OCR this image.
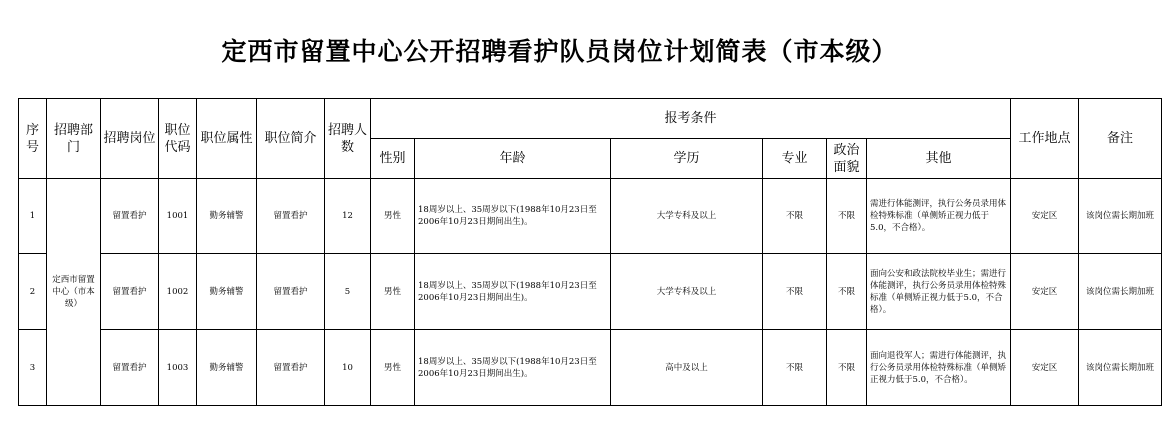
定西市留置中心公开招聘看护队员岗位计划简表（市本级）
序号	招聘部门	招聘岗位	职位代码	职位属性	职位简介	招聘人数	报考条件						工作地点	备注
							性别	年龄	学历	专业	政治面貌	其他		
1	定西市留置中心（市本级）	留置看护	1001	勤务辅警	留置看护	12	男性	18周岁以上、35周岁以下(1988年10月23日至2006年10月23日期间出生)。	大学专科及以上	不限	不限	需进行体能测评，执行公务员录用体检特殊标准（单侧矫正视力低于5.0，不合格）。	安定区	该岗位需长期加班
2		留置看护	1002	勤务辅警	留置看护	5	男性	18周岁以上、35周岁以下(1988年10月23日至2006年10月23日期间出生)。	大学专科及以上	不限	不限	面向公安和政法院校毕业生；需进行体能测评，执行公务员录用体检特殊标准（单侧矫正视力低于5.0，不合格）。	安定区	该岗位需长期加班
3		留置看护	1003	勤务辅警	留置看护	10	男性	18周岁以上、35周岁以下(1988年10月23日至2006年10月23日期间出生)。	高中及以上	不限	不限	面向退役军人；需进行体能测评，执行公务员录用体检特殊标准（单侧矫正视力低于5.0，不合格）。	安定区	该岗位需长期加班
